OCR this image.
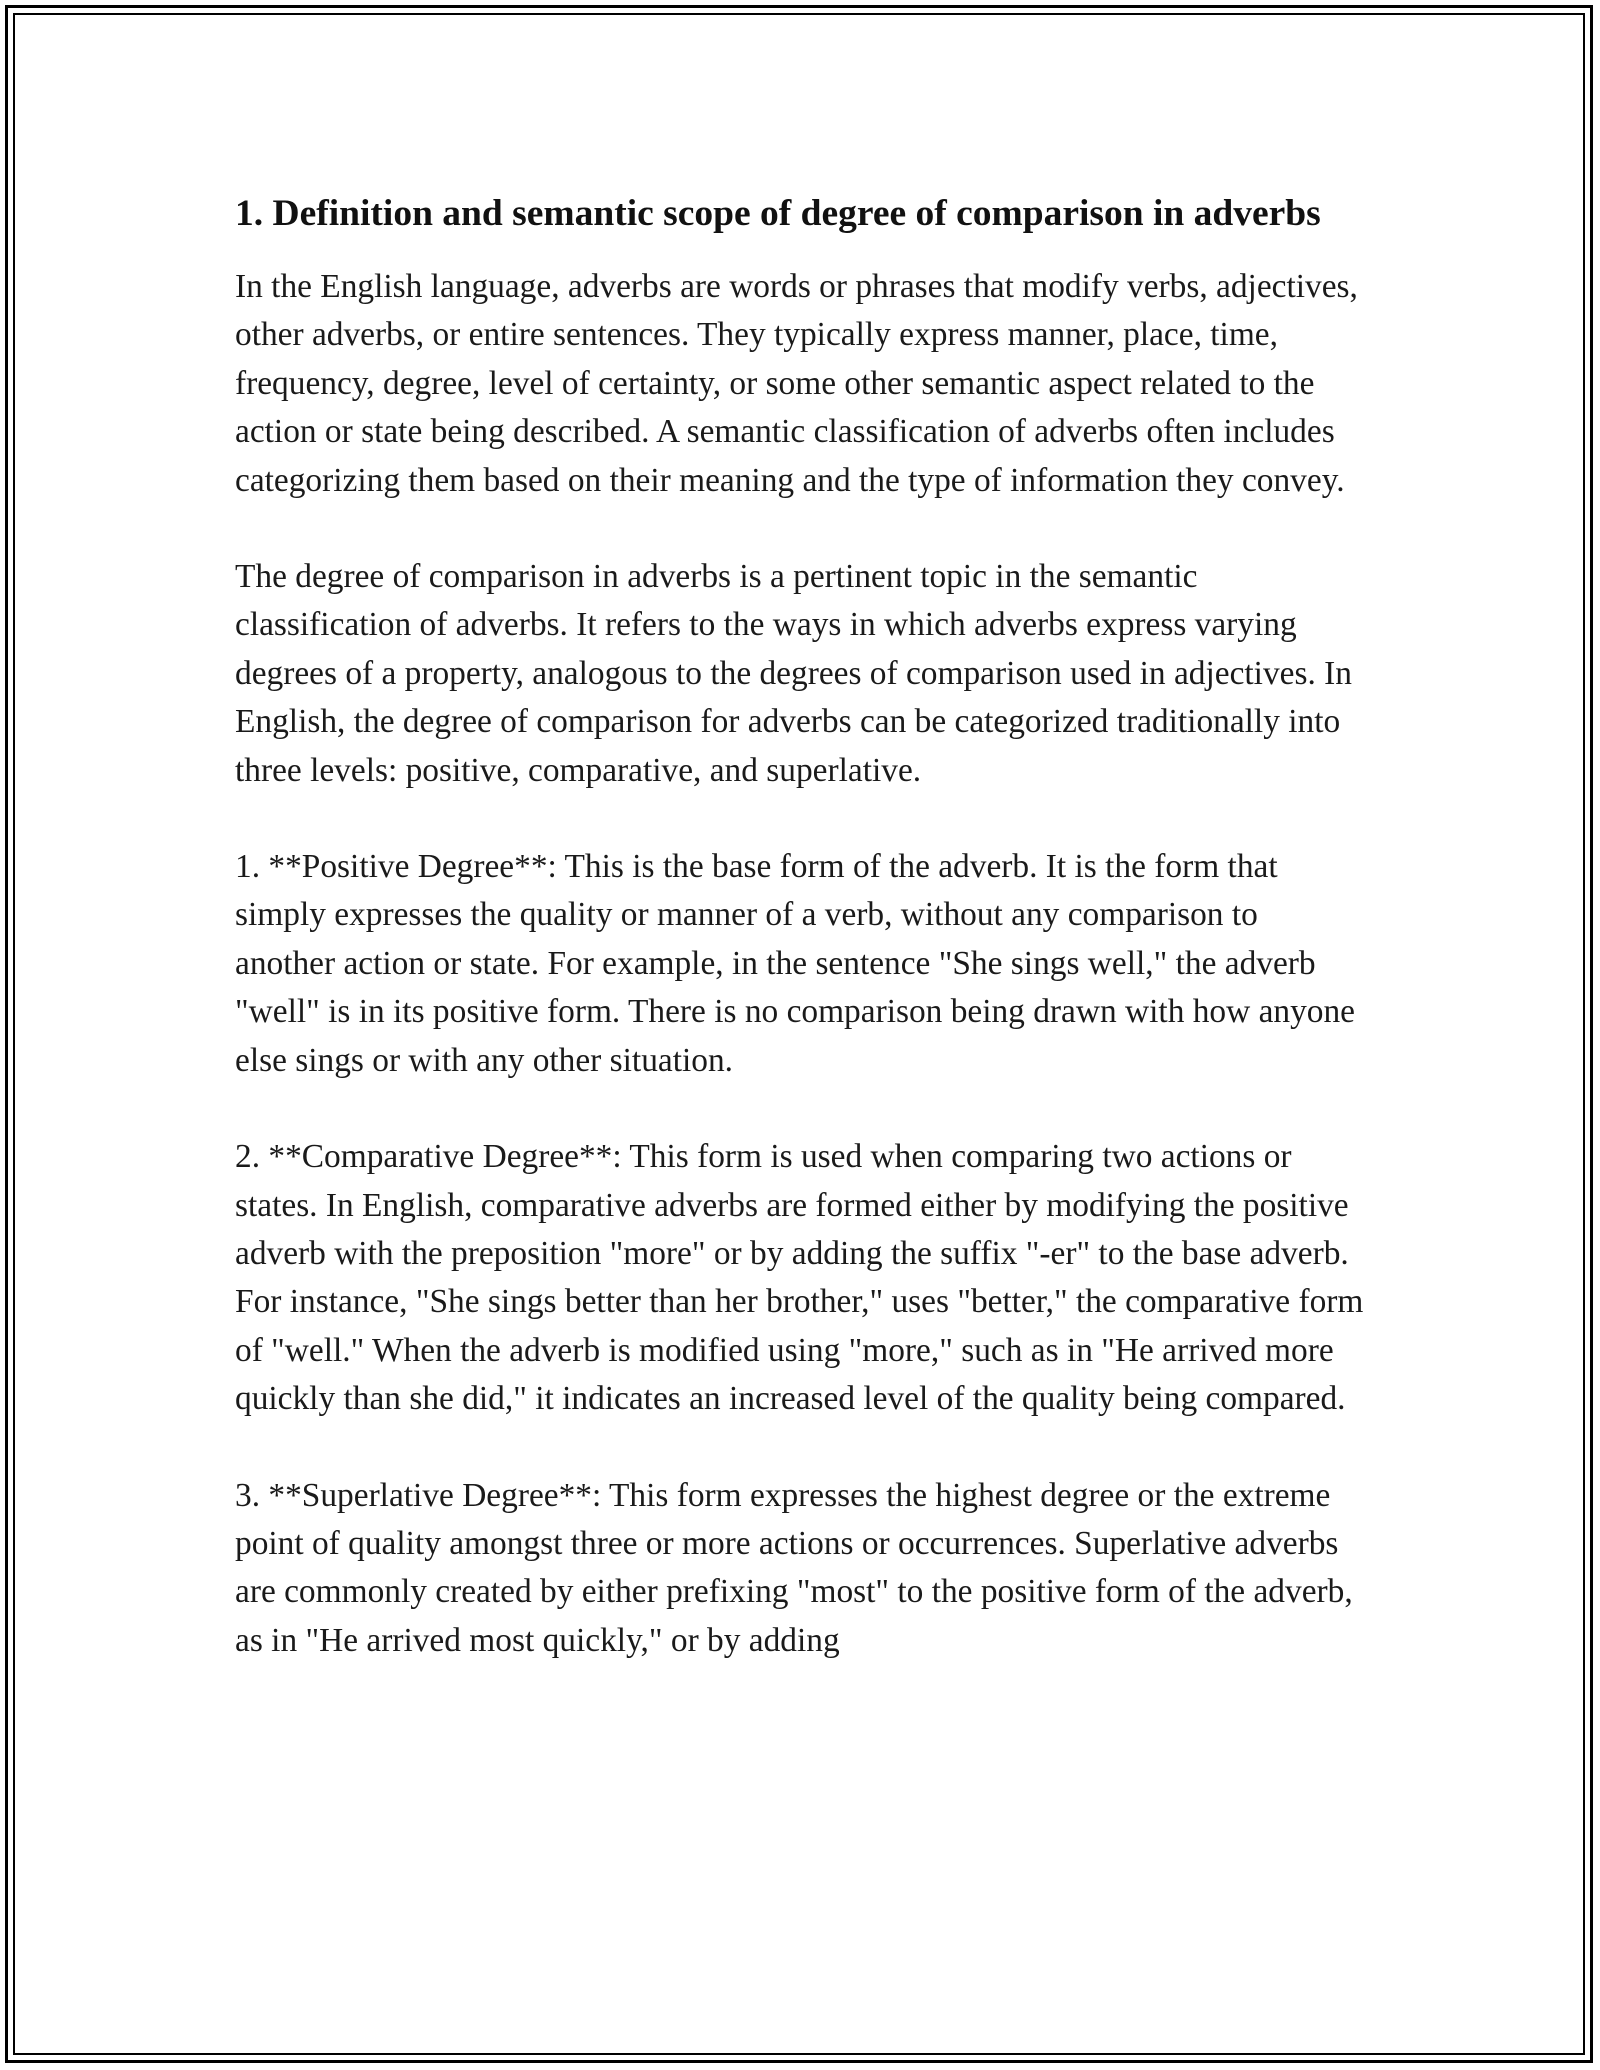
1. Definition and semantic scope of degree of comparison in adverbs

In the English language, adverbs are words or phrases that modify verbs, adjectives, other adverbs, or entire sentences. They typically express manner, place, time, frequency, degree, level of certainty, or some other semantic aspect related to the action or state being described. A semantic classification of adverbs often includes categorizing them based on their meaning and the type of information they convey.

The degree of comparison in adverbs is a pertinent topic in the semantic classification of adverbs. It refers to the ways in which adverbs express varying degrees of a property, analogous to the degrees of comparison used in adjectives. In English, the degree of comparison for adverbs can be categorized traditionally into three levels: positive, comparative, and superlative.

1. **Positive Degree**: This is the base form of the adverb. It is the form that simply expresses the quality or manner of a verb, without any comparison to another action or state. For example, in the sentence "She sings well," the adverb "well" is in its positive form. There is no comparison being drawn with how anyone else sings or with any other situation.

2. **Comparative Degree**: This form is used when comparing two actions or states. In English, comparative adverbs are formed either by modifying the positive adverb with the preposition "more" or by adding the suffix "-er" to the base adverb. For instance, "She sings better than her brother," uses "better," the comparative form of "well." When the adverb is modified using "more," such as in "He arrived more quickly than she did," it indicates an increased level of the quality being compared.

3. **Superlative Degree**: This form expresses the highest degree or the extreme point of quality amongst three or more actions or occurrences. Superlative adverbs are commonly created by either prefixing "most" to the positive form of the adverb, as in "He arrived most quickly," or by adding
